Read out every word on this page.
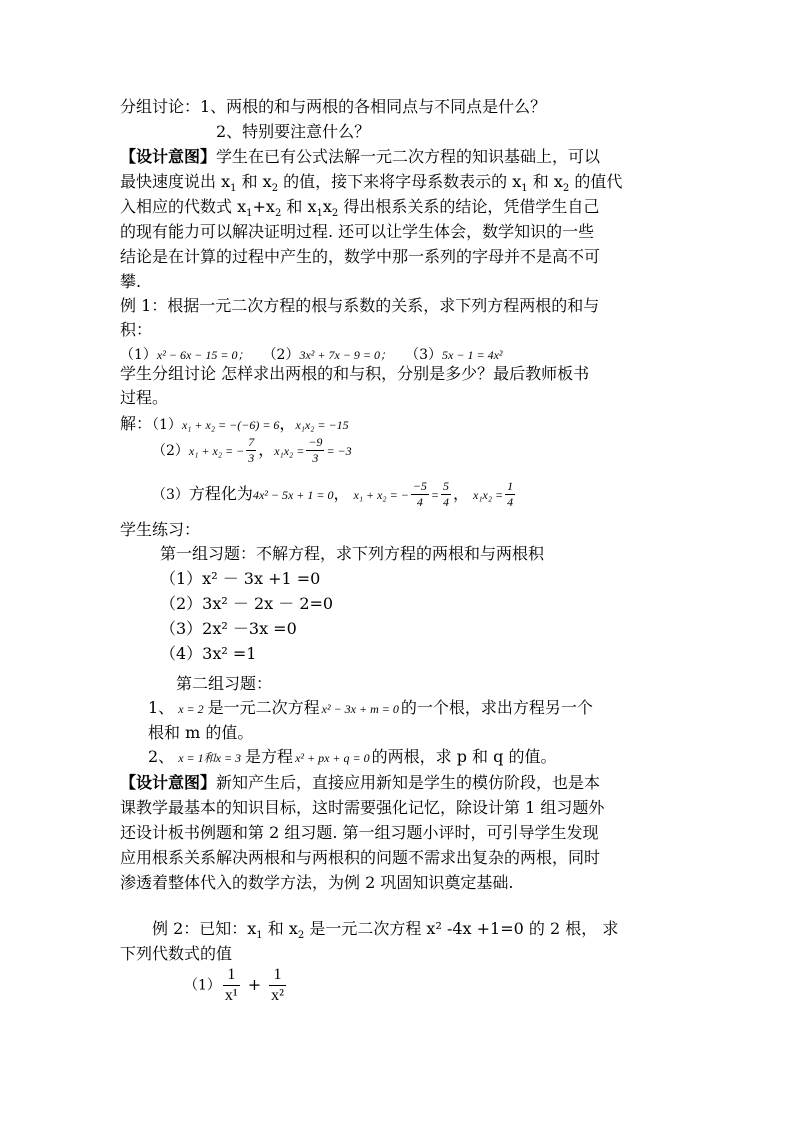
分组讨论：1、两根的和与两根的各相同点与不同点是什么？
2、特别要注意什么？
【设计意图】学生在已有公式法解一元二次方程的知识基础上，可以
最快速度说出 $x_1$ 和 $x_2$ 的值，接下来将字母系数表示的 $x_1$ 和 $x_2$ 的值代
入相应的代数式 $x_1+x_2$ 和 $x_1x_2$ 得出根系关系的结论，凭借学生自己
的现有能力可以解决证明过程. 还可以让学生体会，数学知识的一些
结论是在计算的过程中产生的，数学中那一系列的字母并不是高不可
攀.
例 1：根据一元二次方程的根与系数的关系，求下列方程两根的和与
积：
（1）x² − 6x − 15 = 0； （2）3x² + 7x − 9 = 0； （3）5x − 1 = 4x²
学生分组讨论 怎样求出两根的和与积，分别是多少？最后教师板书
过程。
解：（1）x₁ + x₂ = −(−6) = 6，x₁x₂ = −15
（2）x₁ + x₂ = − $\frac{7}{3}$ ，$x_1x_2 = \frac{-9}{3} = -3$
（3）方程化为4x² − 5x + 1 = 0， x₁ + x₂ = − $\frac{-5}{4} = \frac{5}{4}$ ， $x_1x_2 = \frac{1}{4}$
学生练习：
第一组习题：不解方程，求下列方程的两根和与两根积
（1）x² － 3x +1 =0
（2）3x² － 2x － 2=0
（3）2x² －3x =0
（4）3x² =1
第二组习题：
1、 x = 2 是一元二次方程 x² − 3x + m = 0 的一个根，求出方程另一个
根和 m 的值。
2、 x = 1和x = 3 是方程 x² + px + q = 0 的两根，求 p 和 q 的值。
【设计意图】新知产生后，直接应用新知是学生的模仿阶段，也是本
课教学最基本的知识目标，这时需要强化记忆，除设计第 1 组习题外
还设计板书例题和第 2 组习题. 第一组习题小评时，可引导学生发现
应用根系关系解决两根和与两根积的问题不需求出复杂的两根，同时
渗透着整体代入的数学方法，为例 2 巩固知识奠定基础.
例 2：已知：$x_1$ 和 $x_2$ 是一元二次方程 x² -4x +1=0 的 2 根， 求
下列代数式的值
$(1) \frac{1}{\text{x¹}} + \frac{1}{\text{x²}}$
